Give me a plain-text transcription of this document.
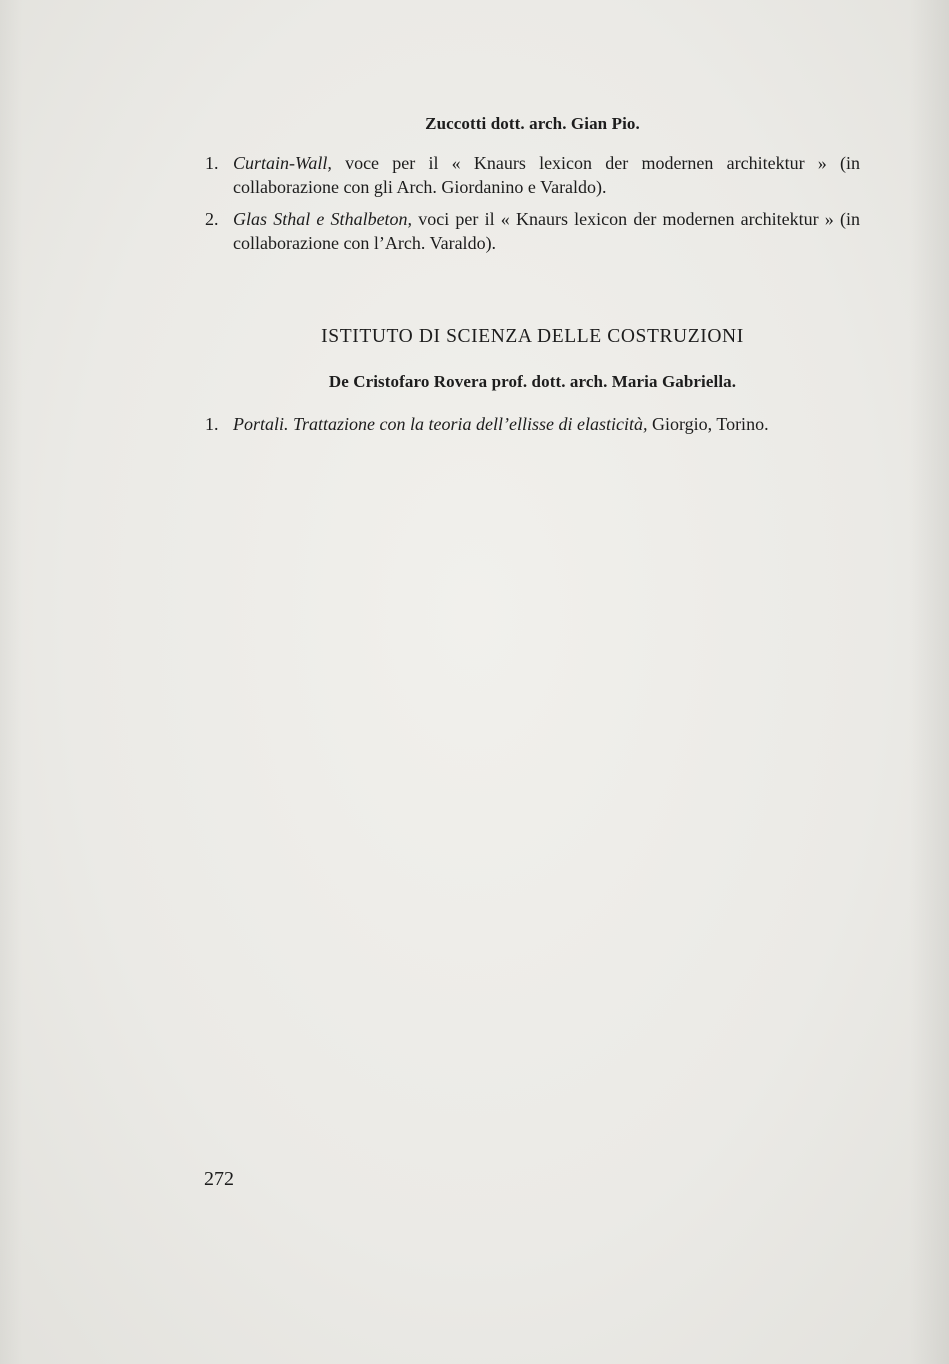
Zuccotti dott. arch. Gian Pio.
1. Curtain-Wall, voce per il « Knaurs lexicon der modernen architektur » (in collaborazione con gli Arch. Giordanino e Varaldo).
2. Glas Sthal e Sthalbeton, voci per il « Knaurs lexicon der modernen architektur » (in collaborazione con l’Arch. Varaldo).
ISTITUTO DI SCIENZA DELLE COSTRUZIONI
De Cristofaro Rovera prof. dott. arch. Maria Gabriella.
1. Portali. Trattazione con la teoria dell’ellisse di elasticità, Giorgio, Torino.
272
